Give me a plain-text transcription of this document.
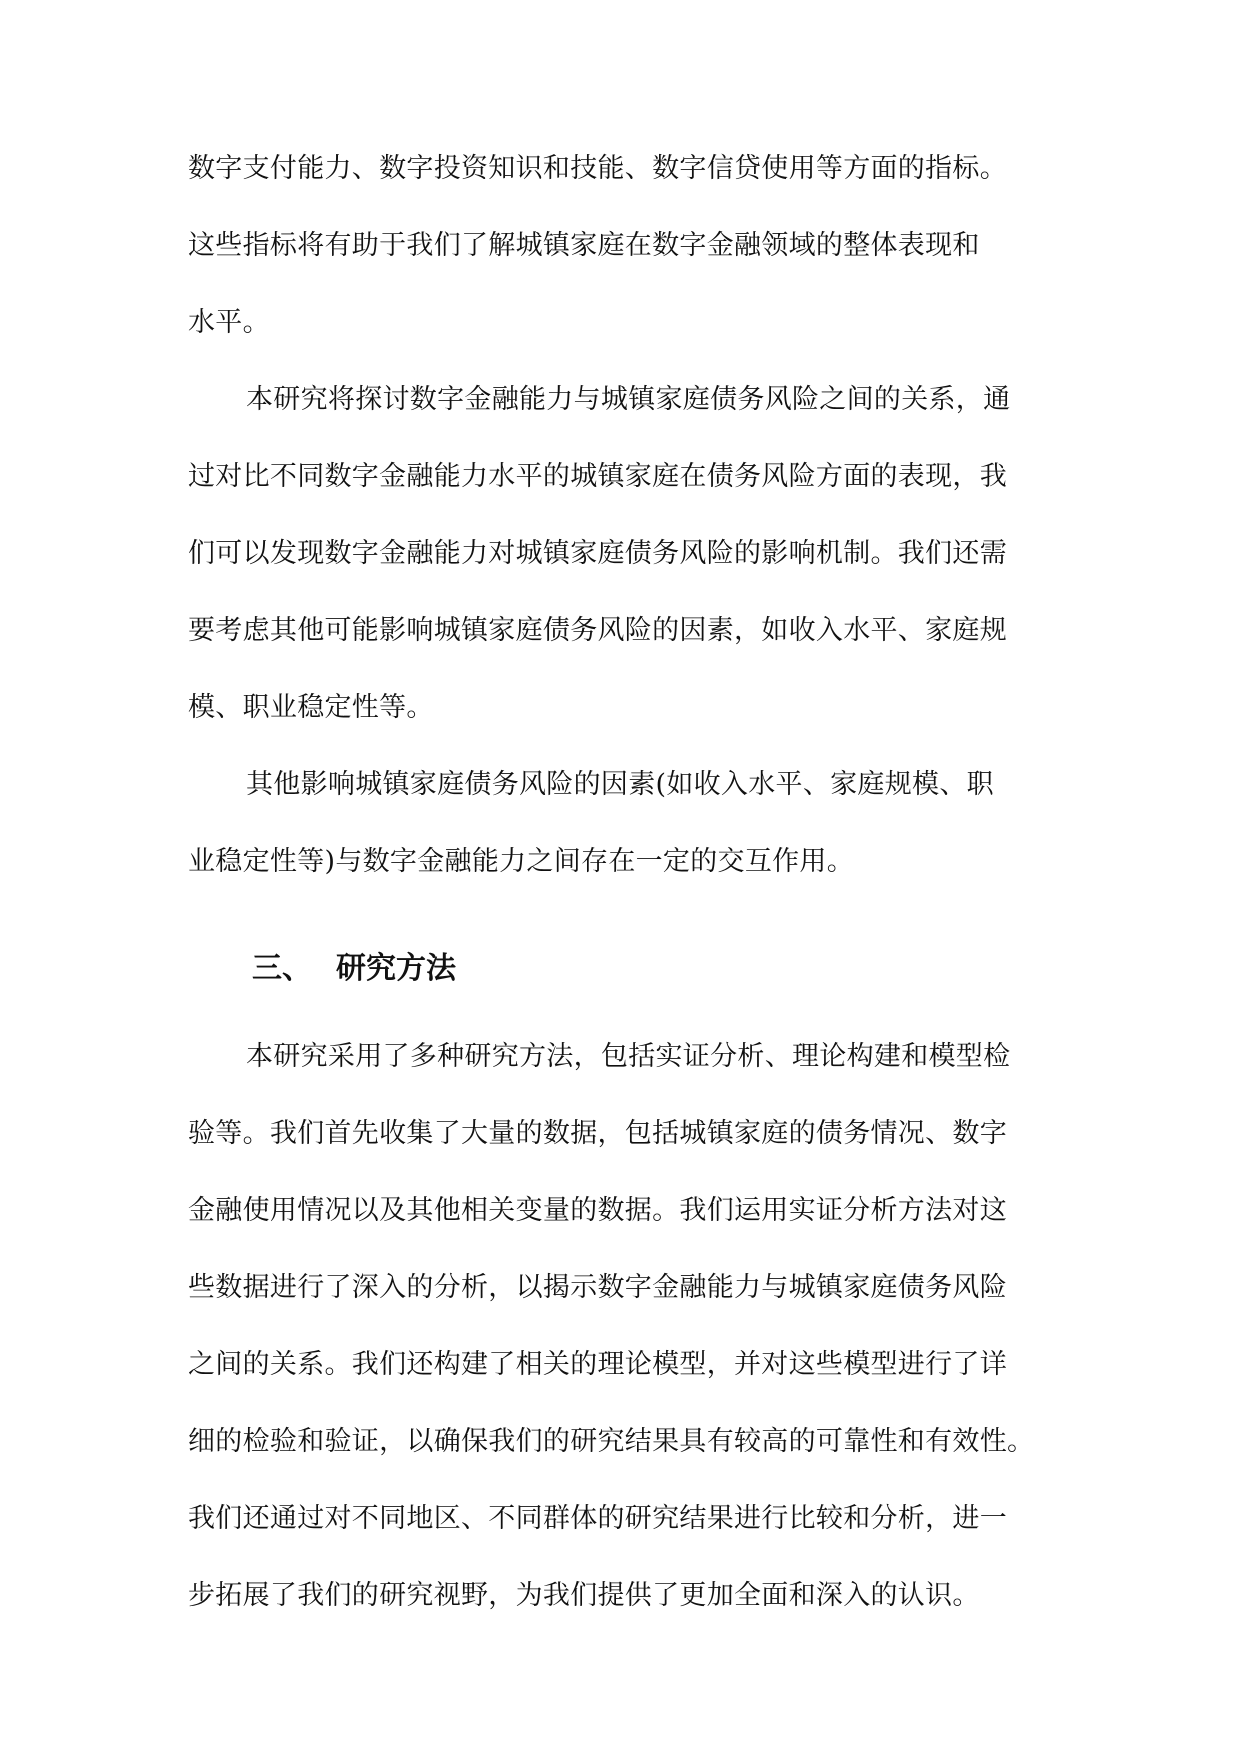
数字支付能力、数字投资知识和技能、数字信贷使用等方面的指标。
这些指标将有助于我们了解城镇家庭在数字金融领域的整体表现和
水平。
本研究将探讨数字金融能力与城镇家庭债务风险之间的关系，通
过对比不同数字金融能力水平的城镇家庭在债务风险方面的表现，我
们可以发现数字金融能力对城镇家庭债务风险的影响机制。我们还需
要考虑其他可能影响城镇家庭债务风险的因素，如收入水平、家庭规
模、职业稳定性等。
其他影响城镇家庭债务风险的因素(如收入水平、家庭规模、职
业稳定性等)与数字金融能力之间存在一定的交互作用。
三、 研究方法
本研究采用了多种研究方法，包括实证分析、理论构建和模型检
验等。我们首先收集了大量的数据，包括城镇家庭的债务情况、数字
金融使用情况以及其他相关变量的数据。我们运用实证分析方法对这
些数据进行了深入的分析，以揭示数字金融能力与城镇家庭债务风险
之间的关系。我们还构建了相关的理论模型，并对这些模型进行了详
细的检验和验证，以确保我们的研究结果具有较高的可靠性和有效性。
我们还通过对不同地区、不同群体的研究结果进行比较和分析，进一
步拓展了我们的研究视野，为我们提供了更加全面和深入的认识。
